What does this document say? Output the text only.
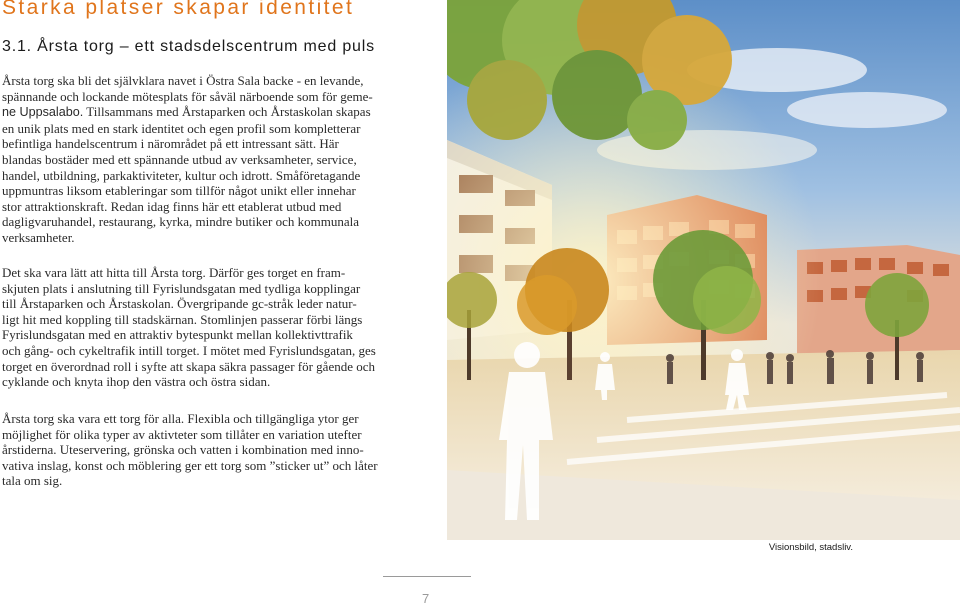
Starka platser skapar identitet
3.1. Årsta torg – ett stadsdelscentrum med puls
Årsta torg ska bli det självklara navet i Östra Sala backe - en levande,
spännande och lockande mötesplats för såväl närboende som för geme-
ne Uppsalabo. Tillsammans med Årstaparken och Årstaskolan skapas
en unik plats med en stark identitet och egen profil som kompletterar
befintliga handelscentrum i närområdet på ett intressant sätt. Här
blandas bostäder med ett spännande utbud av verksamheter, service,
handel, utbildning, parkaktiviteter, kultur och idrott. Småföretagande
uppmuntras liksom etableringar som tillför något unikt eller innehar
stor attraktionskraft. Redan idag finns här ett etablerat utbud med
dagligvaruhandel, restaurang, kyrka, mindre butiker och kommunala
verksamheter.
Det ska vara lätt att hitta till Årsta torg. Därför ges torget en fram-
skjuten plats i anslutning till Fyrislundsgatan med tydliga kopplingar
till Årstaparken och Årstaskolan. Övergripande gc-stråk leder natur-
ligt hit med koppling till stadskärnan. Stomlinjen passerar förbi längs
Fyrislundsgatan med en attraktiv bytespunkt mellan kollektivttrafik
och gång- och cykeltrafik intill torget. I mötet med Fyrislundsgatan, ges
torget en överordnad roll i syfte att skapa säkra passager för gående och
cyklande och knyta ihop den västra och östra sidan.
Årsta torg ska vara ett torg för alla. Flexibla och tillgängliga ytor ger
möjlighet för olika typer av aktivteter som tillåter en variation utefter
årstiderna. Uteservering, grönska och vatten i kombination med inno-
vativa inslag, konst och möblering ger ett torg som ”sticker ut” och låter
tala om sig.
Visionsbild, stadsliv.
7
